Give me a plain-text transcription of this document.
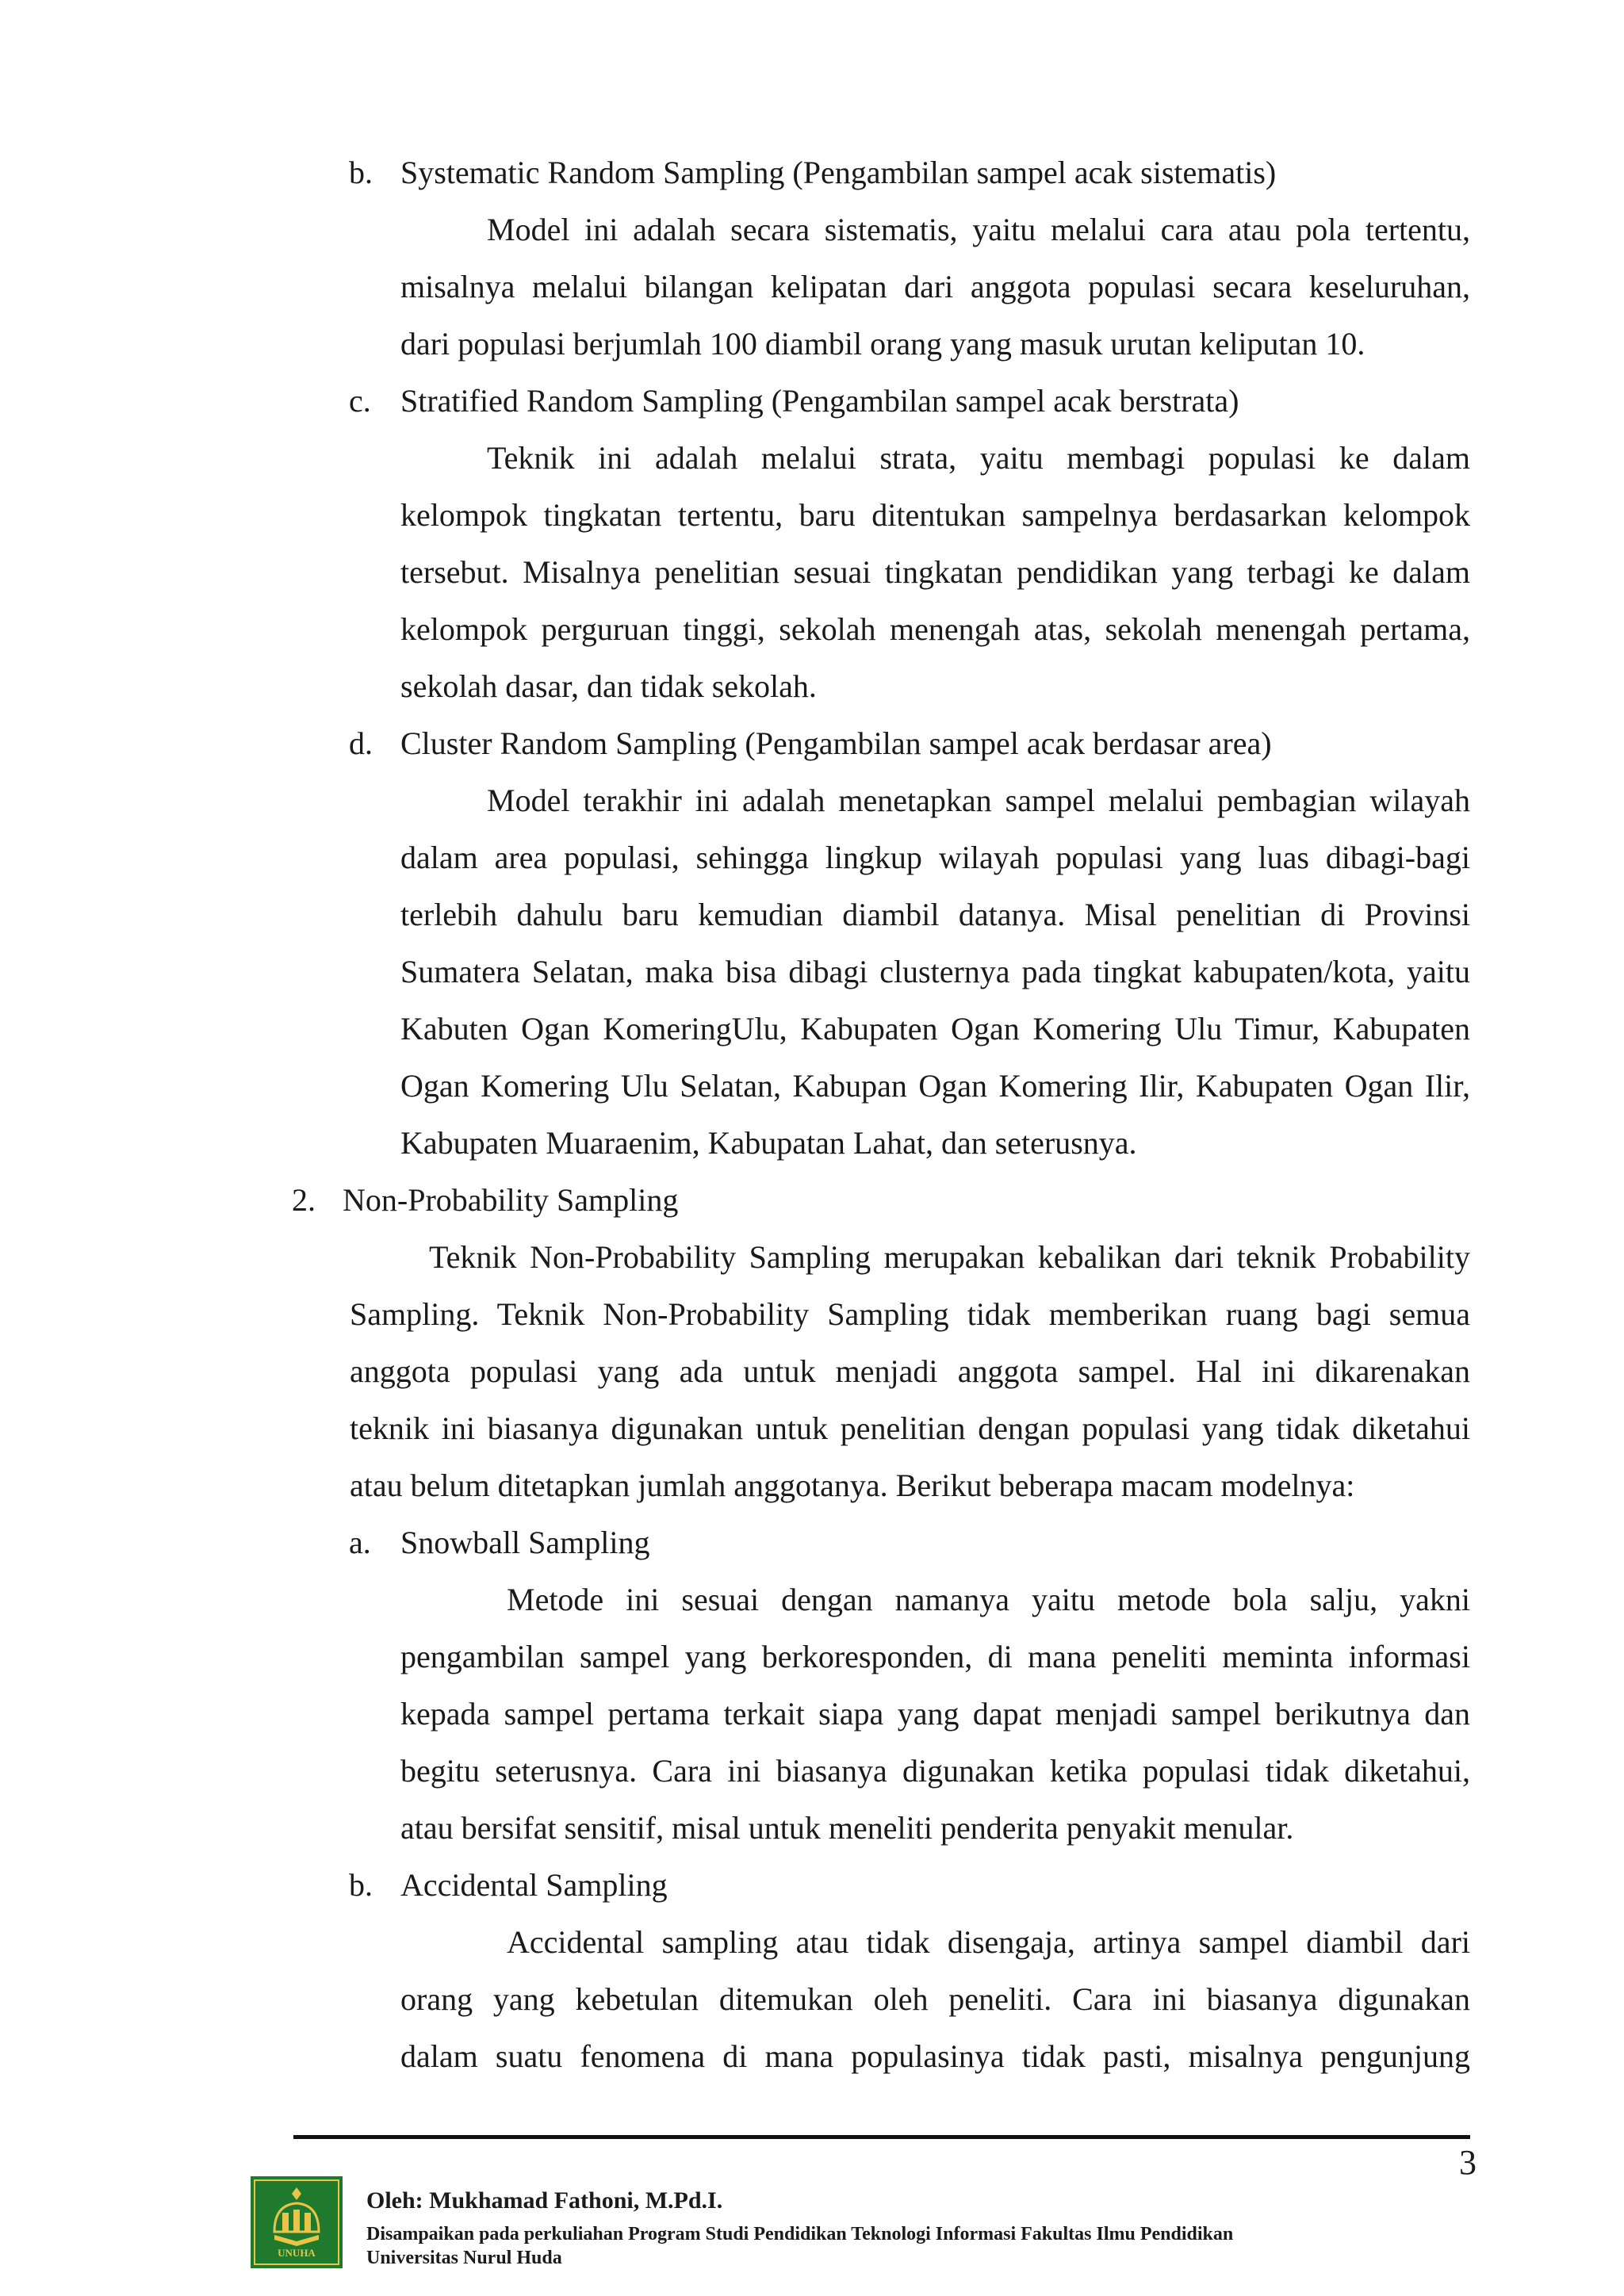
b. Systematic Random Sampling (Pengambilan sampel acak sistematis)
Model ini adalah secara sistematis, yaitu melalui cara atau pola tertentu,
misalnya melalui bilangan kelipatan dari anggota populasi secara keseluruhan,
dari populasi berjumlah 100 diambil orang yang masuk urutan keliputan 10.
c. Stratified Random Sampling (Pengambilan sampel acak berstrata)
Teknik ini adalah melalui strata, yaitu membagi populasi ke dalam
kelompok tingkatan tertentu, baru ditentukan sampelnya berdasarkan kelompok
tersebut. Misalnya penelitian sesuai tingkatan pendidikan yang terbagi ke dalam
kelompok perguruan tinggi, sekolah menengah atas, sekolah menengah pertama,
sekolah dasar, dan tidak sekolah.
d. Cluster Random Sampling (Pengambilan sampel acak berdasar area)
Model terakhir ini adalah menetapkan sampel melalui pembagian wilayah
dalam area populasi, sehingga lingkup wilayah populasi yang luas dibagi-bagi
terlebih dahulu baru kemudian diambil datanya. Misal penelitian di Provinsi
Sumatera Selatan, maka bisa dibagi clusternya pada tingkat kabupaten/kota, yaitu
Kabuten Ogan KomeringUlu, Kabupaten Ogan Komering Ulu Timur, Kabupaten
Ogan Komering Ulu Selatan, Kabupan Ogan Komering Ilir, Kabupaten Ogan Ilir,
Kabupaten Muaraenim, Kabupatan Lahat, dan seterusnya.
2. Non-Probability Sampling
Teknik Non-Probability Sampling merupakan kebalikan dari teknik Probability
Sampling. Teknik Non-Probability Sampling tidak memberikan ruang bagi semua
anggota populasi yang ada untuk menjadi anggota sampel. Hal ini dikarenakan
teknik ini biasanya digunakan untuk penelitian dengan populasi yang tidak diketahui
atau belum ditetapkan jumlah anggotanya. Berikut beberapa macam modelnya:
a. Snowball Sampling
Metode ini sesuai dengan namanya yaitu metode bola salju, yakni
pengambilan sampel yang berkoresponden, di mana peneliti meminta informasi
kepada sampel pertama terkait siapa yang dapat menjadi sampel berikutnya dan
begitu seterusnya. Cara ini biasanya digunakan ketika populasi tidak diketahui,
atau bersifat sensitif, misal untuk meneliti penderita penyakit menular.
b. Accidental Sampling
Accidental sampling atau tidak disengaja, artinya sampel diambil dari
orang yang kebetulan ditemukan oleh peneliti. Cara ini biasanya digunakan
dalam suatu fenomena di mana populasinya tidak pasti, misalnya pengunjung
3
UNUHA
Oleh: Mukhamad Fathoni, M.Pd.I.
Disampaikan pada perkuliahan Program Studi Pendidikan Teknologi Informasi Fakultas Ilmu Pendidikan
Universitas Nurul Huda
